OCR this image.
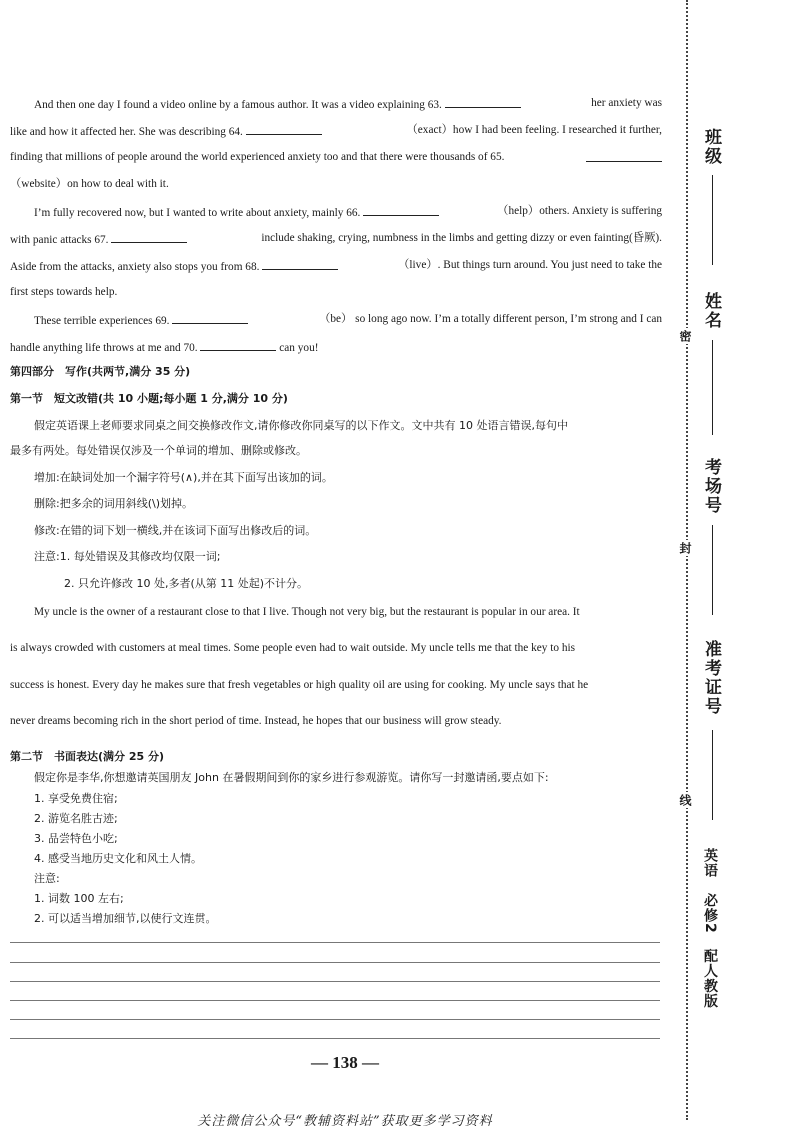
And then one day I found a video online by a famous author. It was a video explaining 63.	her anxiety was
like and how it affected her. She was describing 64.	（exact）how I had been feeling. I researched it further,
finding that millions of people around the world experienced anxiety too and that there were thousands of 65.
（website）on how to deal with it.
I’m fully recovered now, but I wanted to write about anxiety, mainly 66.	（help）others. Anxiety is suffering
with panic attacks 67.	include shaking, crying, numbness in the limbs and getting dizzy or even fainting(昏厥).
Aside from the attacks, anxiety also stops you from 68.	（live）. But things turn around. You just need to take the
first steps towards help.
These terrible experiences 69.	（be） so long ago now. I’m a totally different person, I’m strong and I can
handle anything life throws at me and 70.	can you!
第四部分　写作(共两节,满分 35 分)
第一节　短文改错(共 10 小题;每小题 1 分,满分 10 分)
假定英语课上老师要求同桌之间交换修改作文,请你修改你同桌写的以下作文。文中共有 10 处语言错误,每句中
最多有两处。每处错误仅涉及一个单词的增加、删除或修改。
增加:在缺词处加一个漏字符号(∧),并在其下面写出该加的词。
删除:把多余的词用斜线(\)划掉。
修改:在错的词下划一横线,并在该词下面写出修改后的词。
注意:1. 每处错误及其修改均仅限一词;
2. 只允许修改 10 处,多者(从第 11 处起)不计分。
My uncle is the owner of a restaurant close to that I live. Though not very big, but the restaurant is popular in our area. It
is always crowded with customers at meal times. Some people even had to wait outside. My uncle tells me that the key to his
success is honest. Every day he makes sure that fresh vegetables or high quality oil are using for cooking. My uncle says that he
never dreams becoming rich in the short period of time. Instead, he hopes that our business will grow steady.
第二节　书面表达(满分 25 分)
假定你是李华,你想邀请英国朋友 John 在暑假期间到你的家乡进行参观游览。请你写一封邀请函,要点如下:
1. 享受免费住宿;
2. 游览名胜古迹;
3. 品尝特色小吃;
4. 感受当地历史文化和风土人情。
注意:
1. 词数 100 左右;
2. 可以适当增加细节,以使行文连贯。
— 138 —
关注微信公众号“教辅资料站”获取更多学习资料
班级
姓名
考场号
准考证号
密
封
线
英语　必修2　配人教版
